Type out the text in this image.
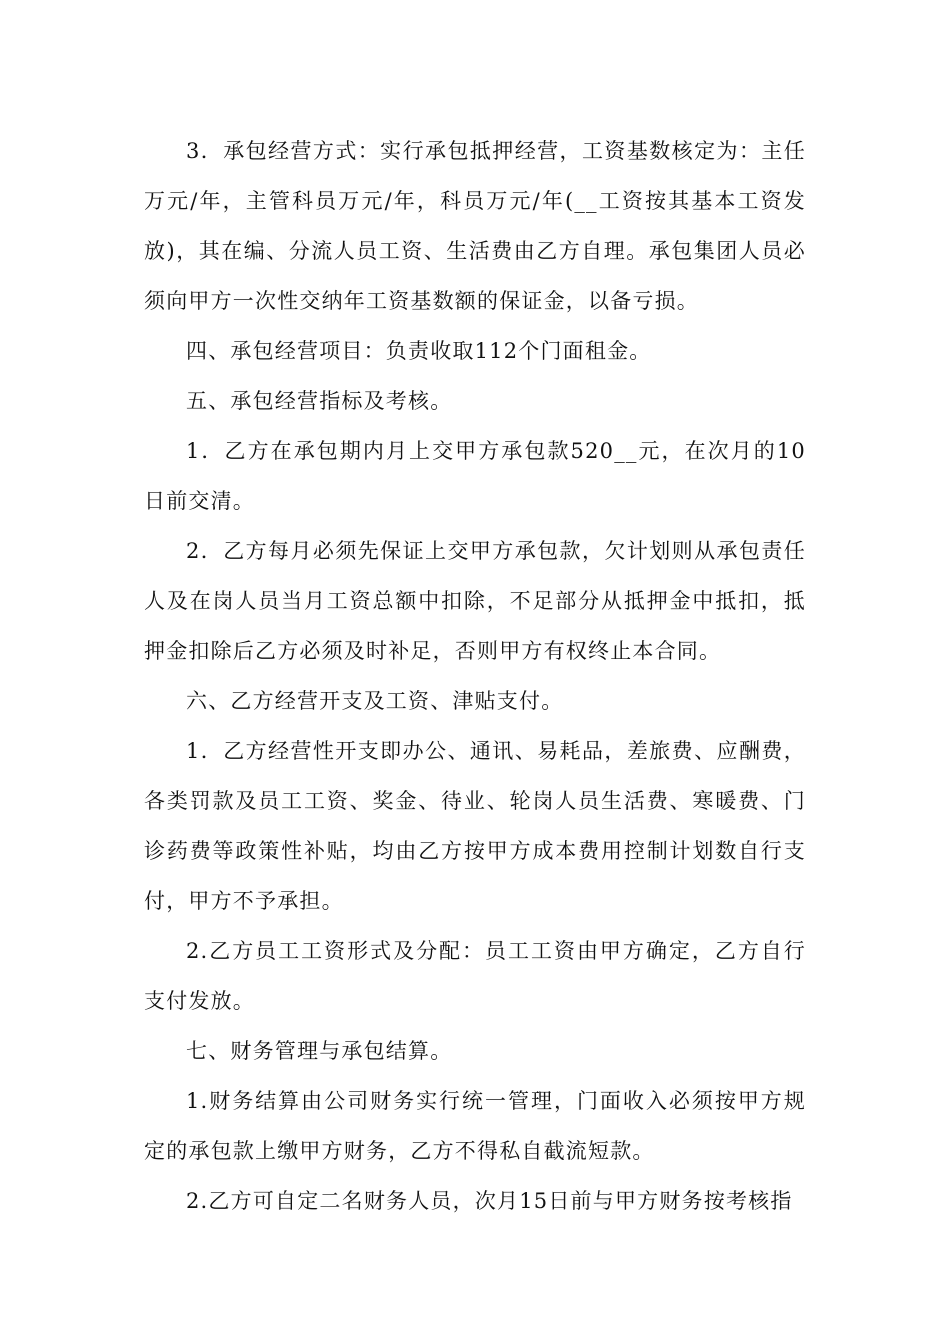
3．承包经营方式：实行承包抵押经营，工资基数核定为：主任万元/年，主管科员万元/年，科员万元/年(__工资按其基本工资发放)，其在编、分流人员工资、生活费由乙方自理。承包集团人员必须向甲方一次性交纳年工资基数额的保证金，以备亏损。

四、承包经营项目：负责收取112个门面租金。

五、承包经营指标及考核。

1．乙方在承包期内月上交甲方承包款520__元，在次月的10日前交清。

2．乙方每月必须先保证上交甲方承包款，欠计划则从承包责任人及在岗人员当月工资总额中扣除，不足部分从抵押金中抵扣，抵押金扣除后乙方必须及时补足，否则甲方有权终止本合同。

六、乙方经营开支及工资、津贴支付。

1．乙方经营性开支即办公、通讯、易耗品，差旅费、应酬费，各类罚款及员工工资、奖金、待业、轮岗人员生活费、寒暖费、门诊药费等政策性补贴，均由乙方按甲方成本费用控制计划数自行支付，甲方不予承担。

2.乙方员工工资形式及分配：员工工资由甲方确定，乙方自行支付发放。

七、财务管理与承包结算。

1.财务结算由公司财务实行统一管理，门面收入必须按甲方规定的承包款上缴甲方财务，乙方不得私自截流短款。

2.乙方可自定二名财务人员，次月15日前与甲方财务按考核指
